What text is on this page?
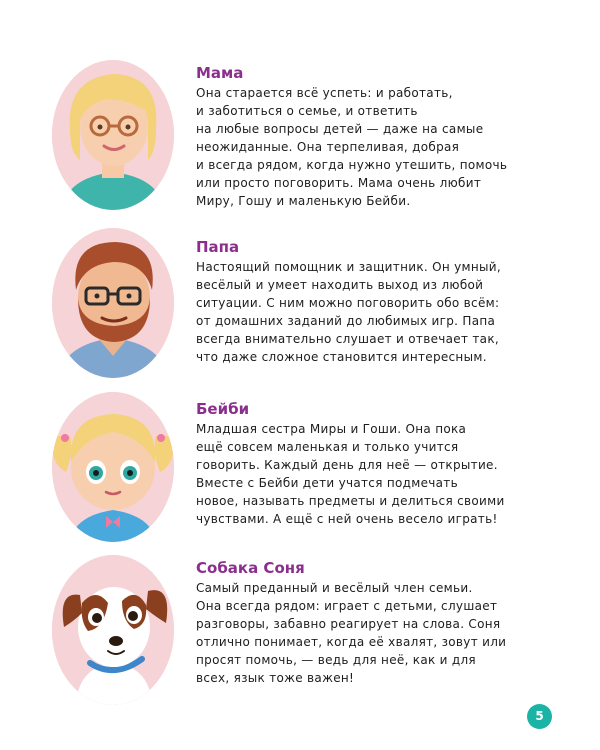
Мама
Она старается всё успеть: и работать,
и заботиться о семье, и ответить
на любые вопросы детей — даже на самые
неожиданные. Она терпеливая, добрая
и всегда рядом, когда нужно утешить, помочь
или просто поговорить. Мама очень любит
Миру, Гошу и маленькую Бейби.
Папа
Настоящий помощник и защитник. Он умный,
весёлый и умеет находить выход из любой
ситуации. С ним можно поговорить обо всём:
от домашних заданий до любимых игр. Папа
всегда внимательно слушает и отвечает так,
что даже сложное становится интересным.
Бейби
Младшая сестра Миры и Гоши. Она пока
ещё совсем маленькая и только учится
говорить. Каждый день для неё — открытие.
Вместе с Бейби дети учатся подмечать
новое, называть предметы и делиться своими
чувствами. А ещё с ней очень весело играть!
Собака Соня
Самый преданный и весёлый член семьи.
Она всегда рядом: играет с детьми, слушает
разговоры, забавно реагирует на слова. Соня
отлично понимает, когда её хвалят, зовут или
просят помочь, — ведь для неё, как и для
всех, язык тоже важен!
5
